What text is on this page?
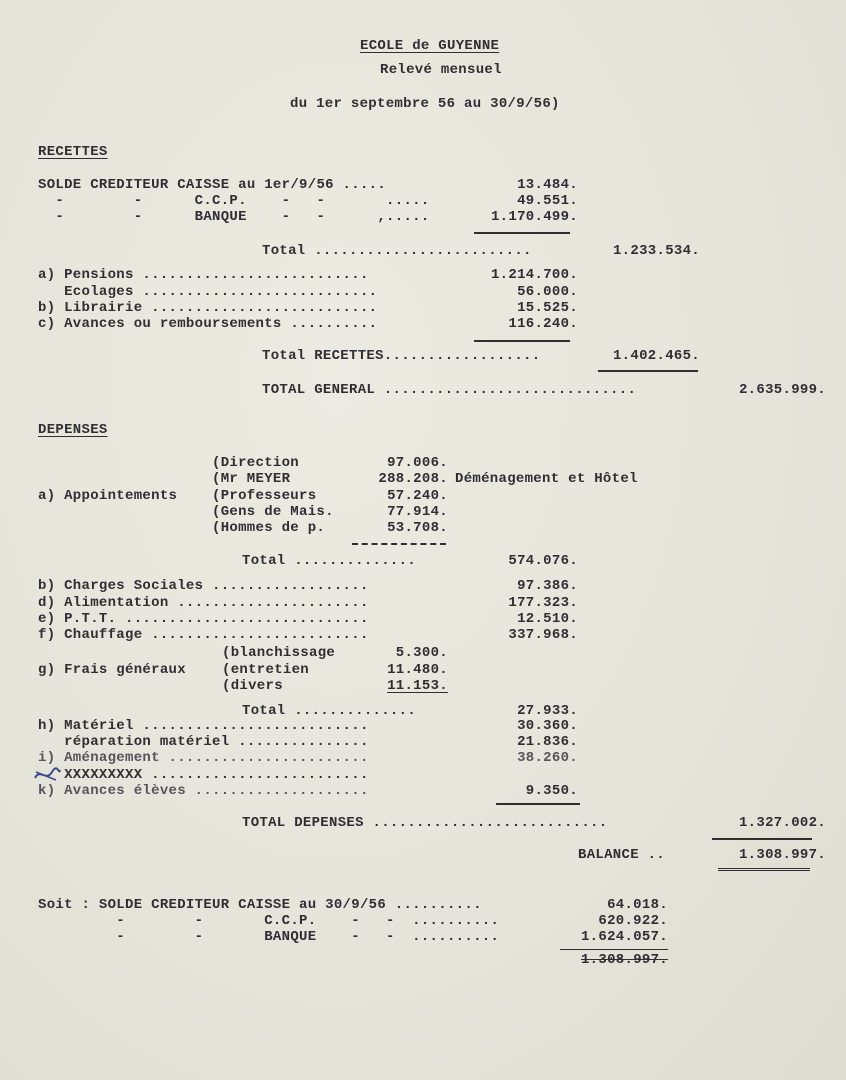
ECOLE de GUYENNE
Relevé mensuel
du 1er septembre 56 au 30/9/56)
RECETTES
SOLDE CREDITEUR CAISSE au 1er/9/56 .....	13.484.
-        -      C.C.P.    -   -       .....	49.551.
-        -      BANQUE    -   -      ,.....	1.170.499.
Total .........................	1.233.534.
a) Pensions ..........................	1.214.700.
Ecolages ...........................	56.000.
b) Librairie ..........................	15.525.
c) Avances ou remboursements ..........	116.240.
Total RECETTES..................	1.402.465.
TOTAL GENERAL .............................	2.635.999.
DEPENSES
(Direction	97.006.
(Mr MEYER	288.208. Déménagement et Hôtel
a) Appointements (Professeurs	57.240.
(Gens de Mais.	77.914.
(Hommes de p.	53.708.
Total ..............	574.076.
b) Charges Sociales ..................	97.386.
d) Alimentation ......................	177.323.
e) P.T.T. ............................	12.510.
f) Chauffage .........................	337.968.
(blanchissage	5.300.
g) Frais généraux	(entretien	11.480.
(divers	11.153.
Total ..............	27.933.
h) Matériel ..........................	30.360.
réparation matériel ...............	21.836.
i) Aménagement .......................	38.260.
XXXXXXXXX .........................
k) Avances élèves ....................	9.350.
TOTAL DEPENSES ...........................	1.327.002.
BALANCE ..	1.308.997.
Soit : SOLDE CREDITEUR CAISSE au 30/9/56 ..........	64.018.
-        -       C.C.P.    -   -  ..........	620.922.
-        -       BANQUE    -   -  ..........	1.624.057.
1.308.997.
